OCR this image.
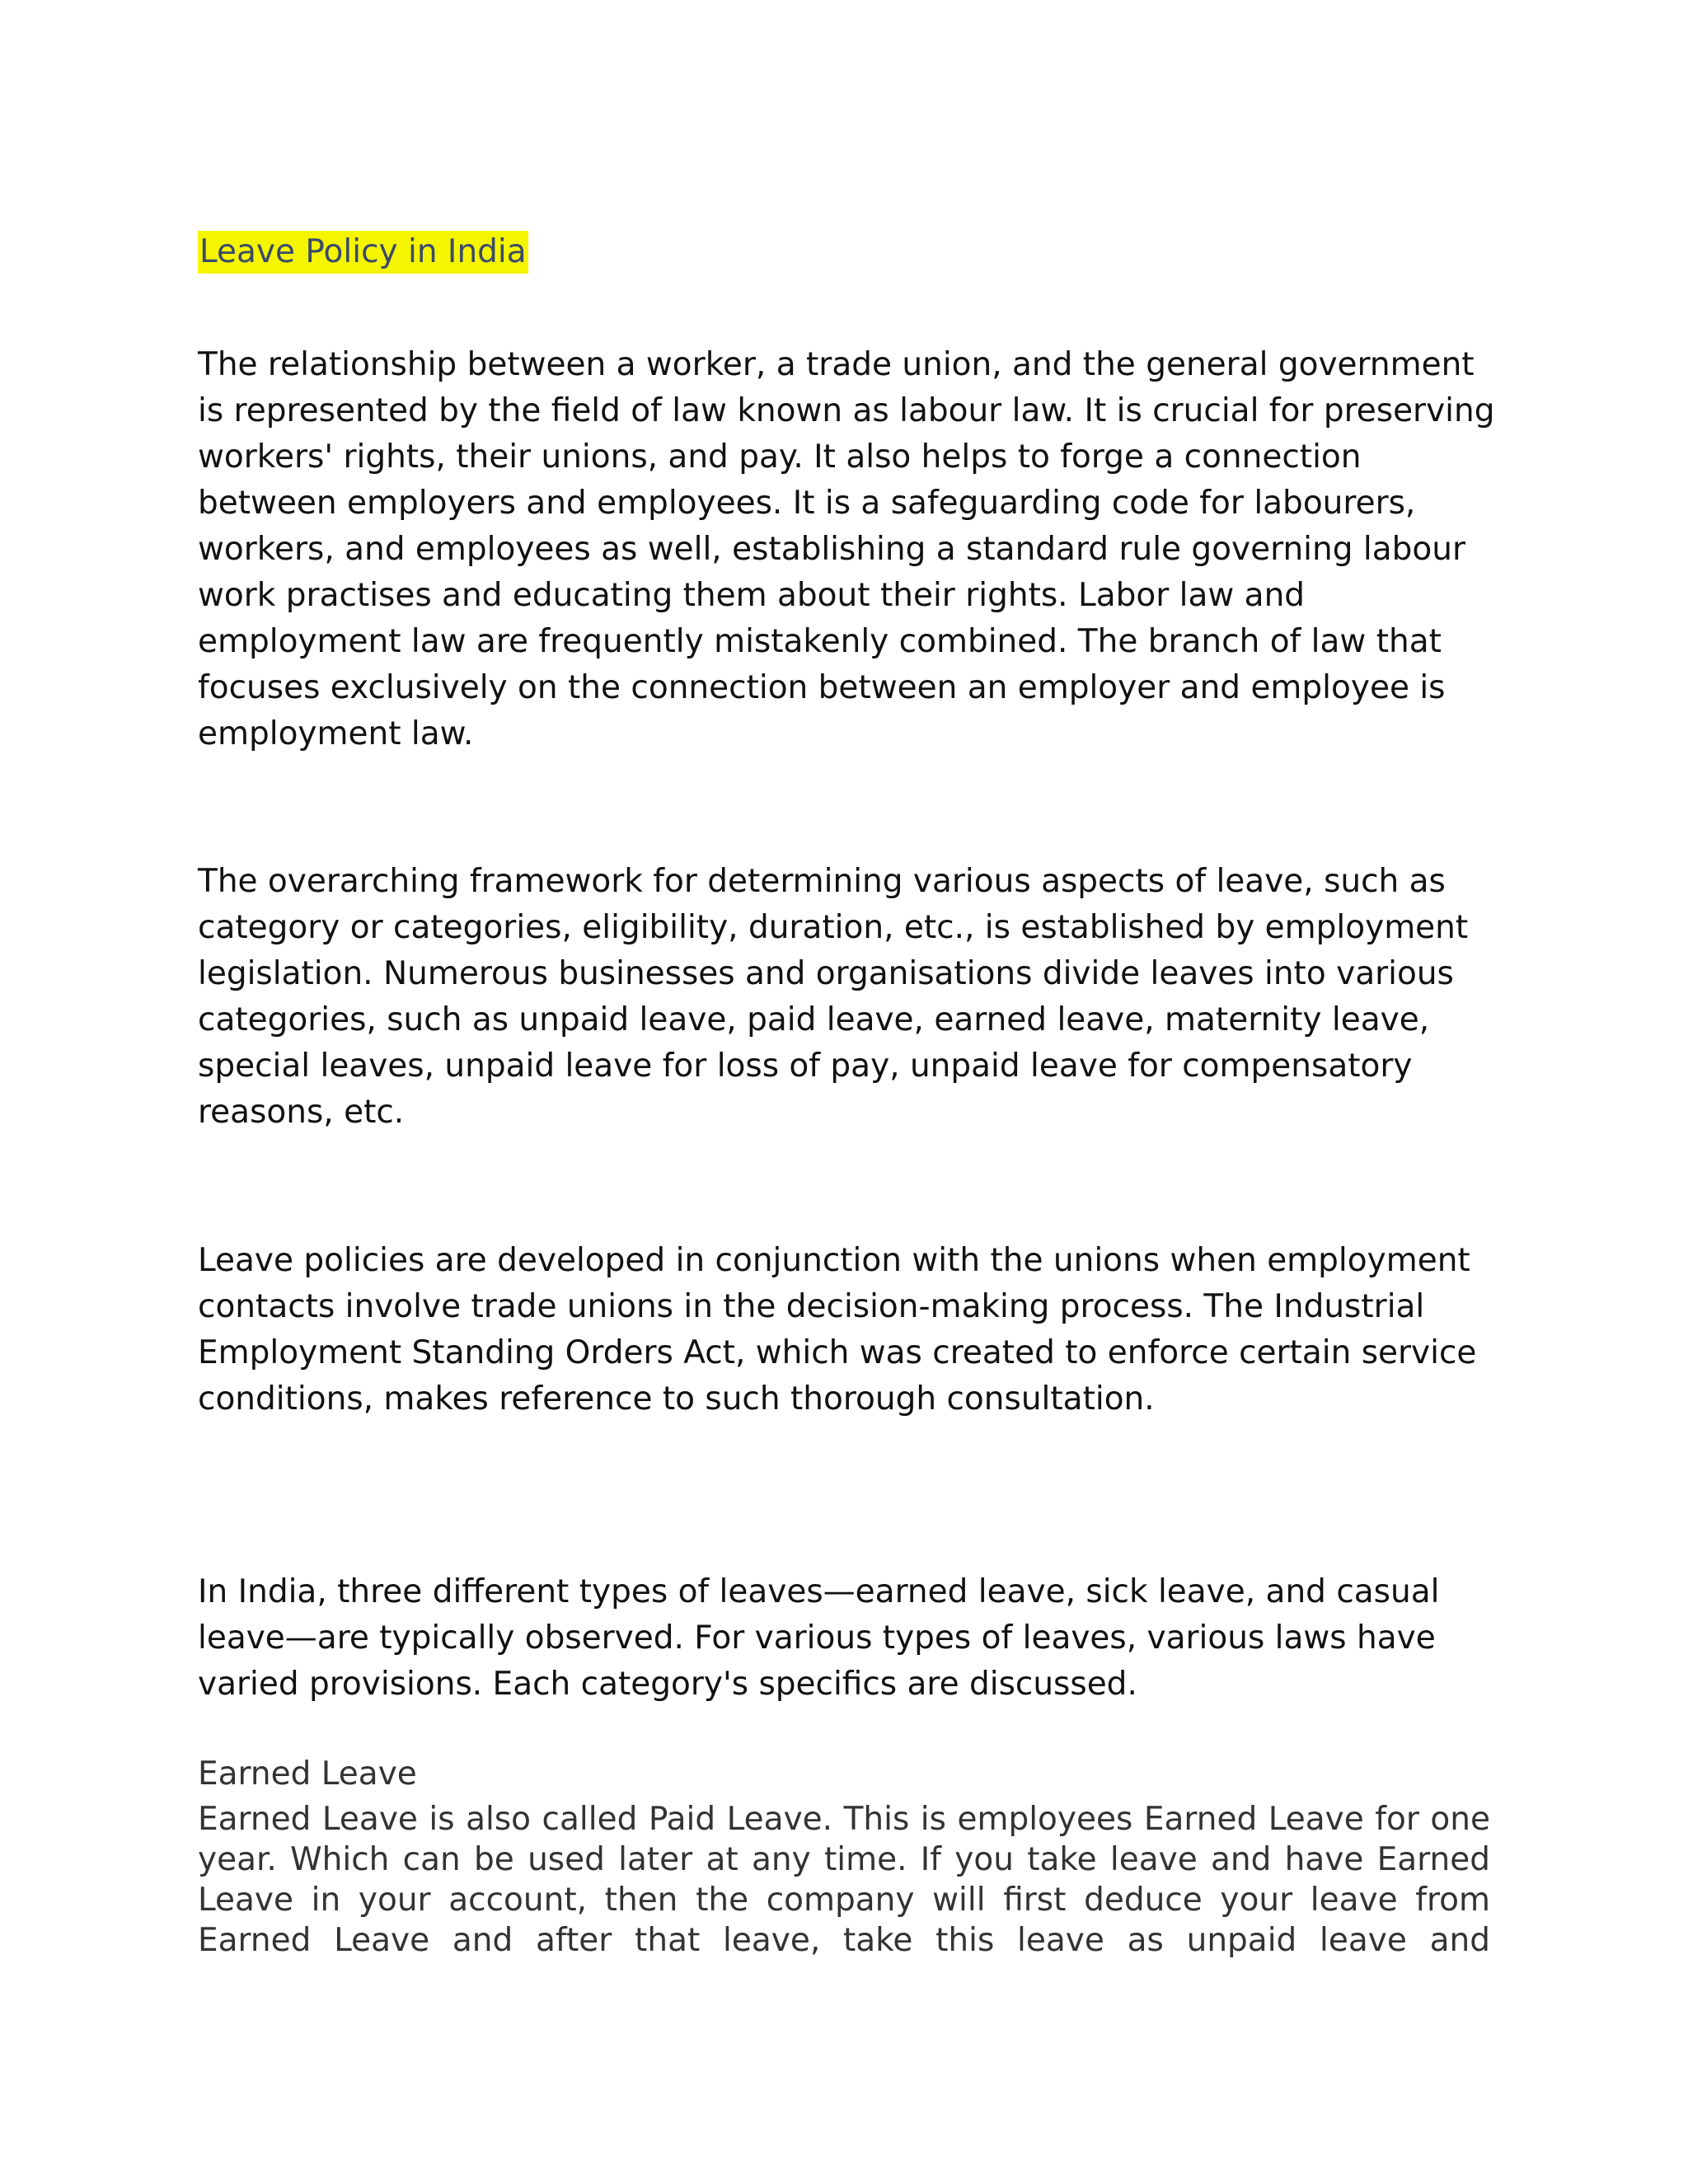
Leave Policy in India

The relationship between a worker, a trade union, and the general government is represented by the field of law known as labour law. It is crucial for preserving workers' rights, their unions, and pay. It also helps to forge a connection between employers and employees. It is a safeguarding code for labourers, workers, and employees as well, establishing a standard rule governing labour work practises and educating them about their rights. Labor law and employment law are frequently mistakenly combined. The branch of law that focuses exclusively on the connection between an employer and employee is employment law.

The overarching framework for determining various aspects of leave, such as category or categories, eligibility, duration, etc., is established by employment legislation. Numerous businesses and organisations divide leaves into various categories, such as unpaid leave, paid leave, earned leave, maternity leave, special leaves, unpaid leave for loss of pay, unpaid leave for compensatory reasons, etc.

Leave policies are developed in conjunction with the unions when employment contacts involve trade unions in the decision-making process. The Industrial Employment Standing Orders Act, which was created to enforce certain service conditions, makes reference to such thorough consultation.

In India, three different types of leaves—earned leave, sick leave, and casual leave—are typically observed. For various types of leaves, various laws have varied provisions. Each category's specifics are discussed.

Earned Leave

Earned Leave is also called Paid Leave. This is employees Earned Leave for one year. Which can be used later at any time. If you take leave and have Earned Leave in your account, then the company will first deduce your leave from Earned Leave and after that leave, take this leave as unpaid leave and
